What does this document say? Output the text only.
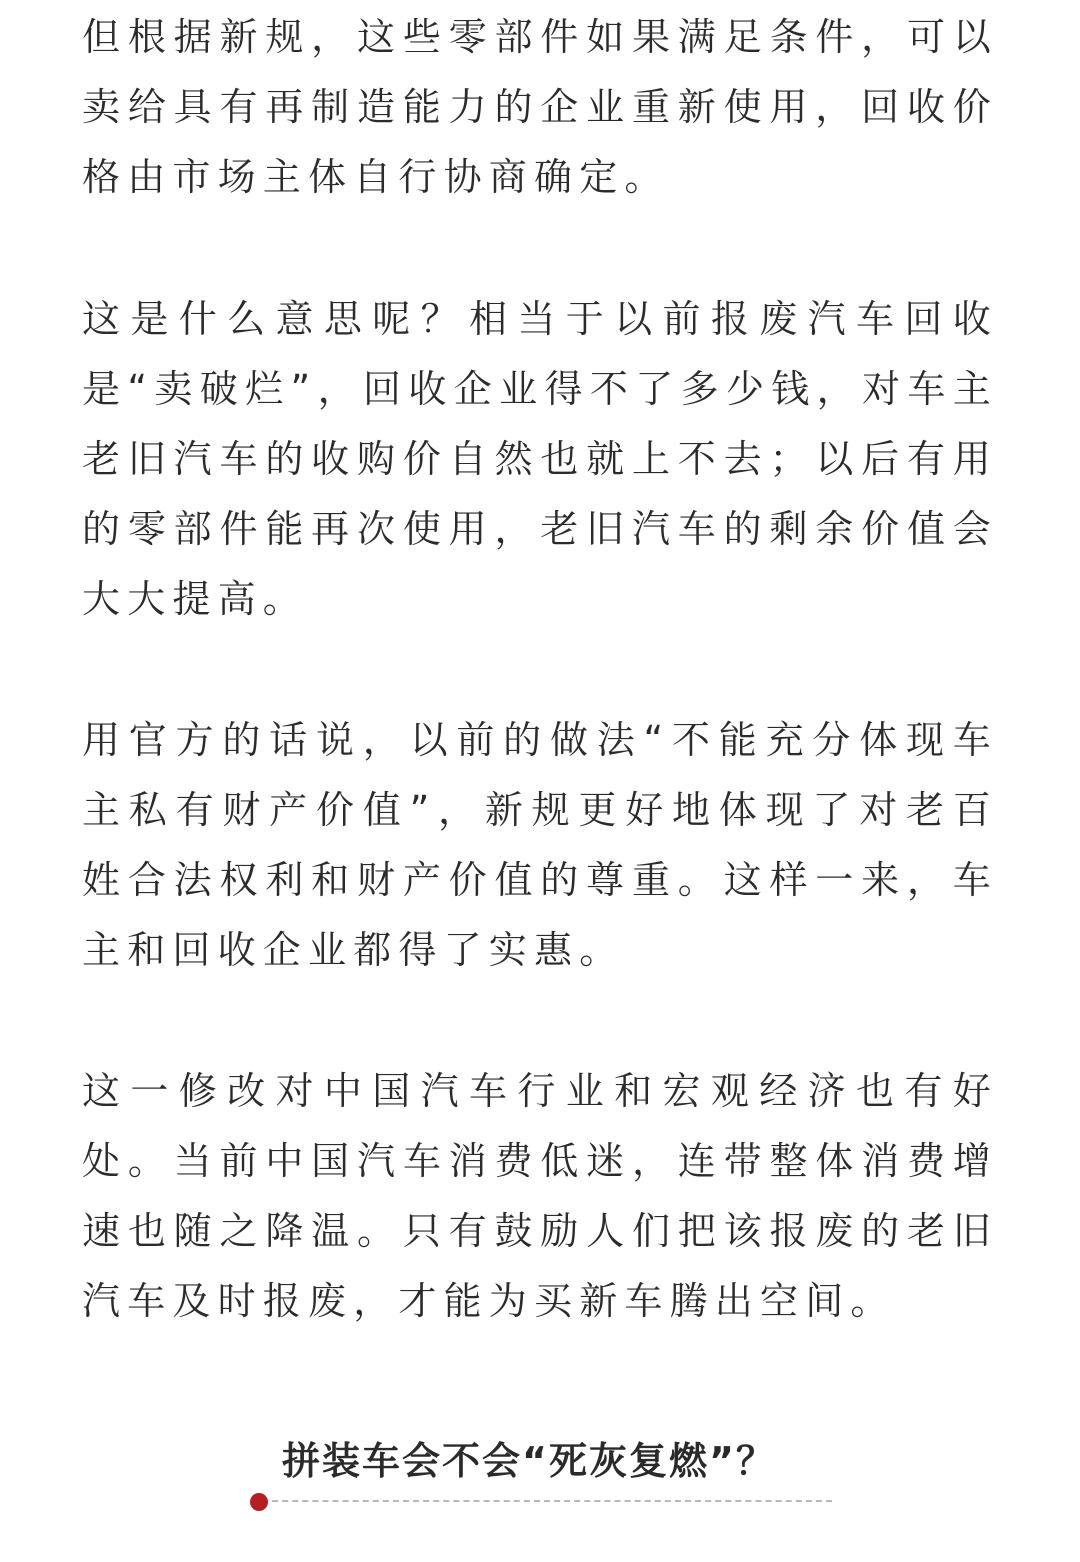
但根据新规，这些零部件如果满足条件，可以卖给具有再制造能力的企业重新使用，回收价格由市场主体自行协商确定。

这是什么意思呢？相当于以前报废汽车回收是“卖破烂”，回收企业得不了多少钱，对车主老旧汽车的收购价自然也就上不去；以后有用的零部件能再次使用，老旧汽车的剩余价值会大大提高。

用官方的话说，以前的做法“不能充分体现车主私有财产价值”，新规更好地体现了对老百姓合法权利和财产价值的尊重。这样一来，车主和回收企业都得了实惠。

这一修改对中国汽车行业和宏观经济也有好处。当前中国汽车消费低迷，连带整体消费增速也随之降温。只有鼓励人们把该报废的老旧汽车及时报废，才能为买新车腾出空间。

拼装车会不会“死灰复燃”？
